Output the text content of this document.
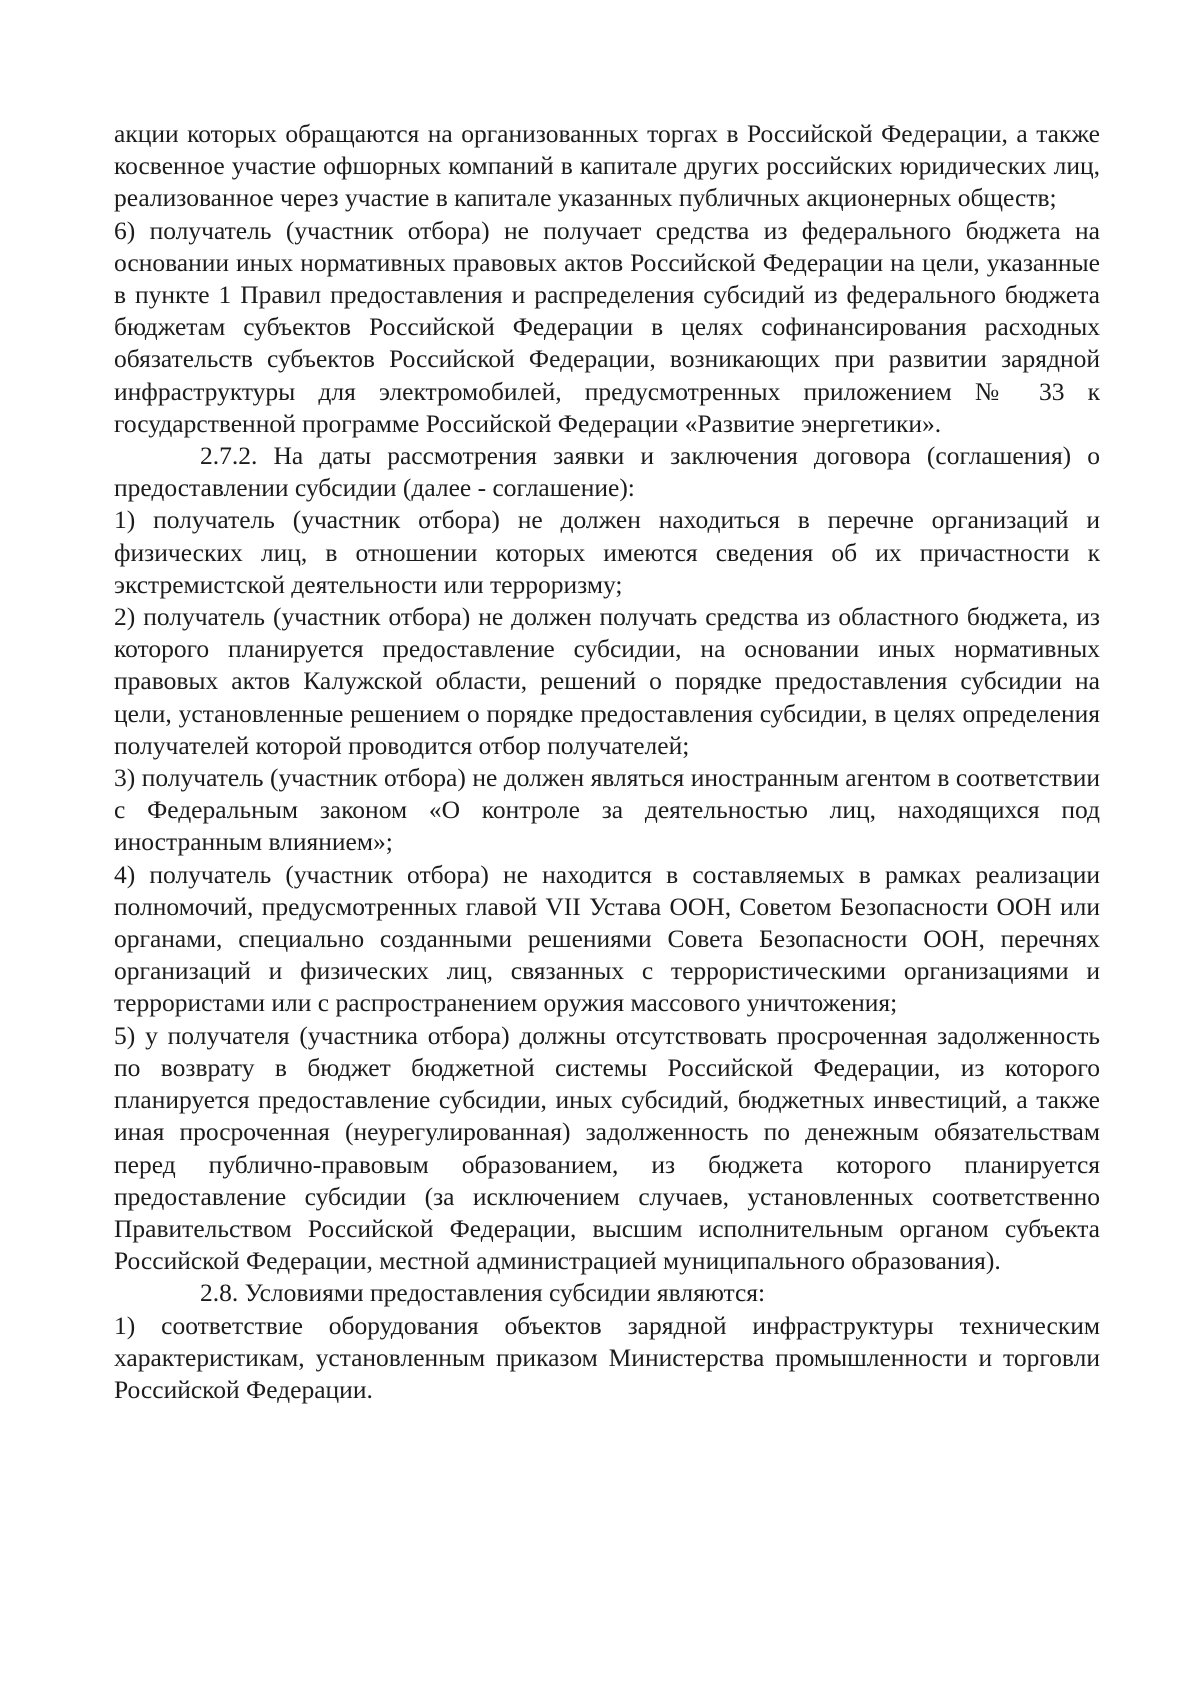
акции которых обращаются на организованных торгах в Российской Федерации, а также косвенное участие офшорных компаний в капитале других российских юридических лиц, реализованное через участие в капитале указанных публичных акционерных обществ;

6) получатель (участник отбора) не получает средства из федерального бюджета на основании иных нормативных правовых актов Российской Федерации на цели, указанные в пункте 1 Правил предоставления и распределения субсидий из федерального бюджета бюджетам субъектов Российской Федерации в целях софинансирования расходных обязательств субъектов Российской Федерации, возникающих при развитии зарядной инфраструктуры для электромобилей, предусмотренных приложением № 33 к государственной программе Российской Федерации «Развитие энергетики».

2.7.2. На даты рассмотрения заявки и заключения договора (соглашения) о предоставлении субсидии (далее - соглашение):

1) получатель (участник отбора) не должен находиться в перечне организаций и физических лиц, в отношении которых имеются сведения об их причастности к экстремистской деятельности или терроризму;

2) получатель (участник отбора) не должен получать средства из областного бюджета, из которого планируется предоставление субсидии, на основании иных нормативных правовых актов Калужской области, решений о порядке предоставления субсидии на цели, установленные решением о порядке предоставления субсидии, в целях определения получателей которой проводится отбор получателей;

3) получатель (участник отбора) не должен являться иностранным агентом в соответствии с Федеральным законом «О контроле за деятельностью лиц, находящихся под иностранным влиянием»;

4) получатель (участник отбора) не находится в составляемых в рамках реализации полномочий, предусмотренных главой VII Устава ООН, Советом Безопасности ООН или органами, специально созданными решениями Совета Безопасности ООН, перечнях организаций и физических лиц, связанных с террористическими организациями и террористами или с распространением оружия массового уничтожения;

5) у получателя (участника отбора) должны отсутствовать просроченная задолженность по возврату в бюджет бюджетной системы Российской Федерации, из которого планируется предоставление субсидии, иных субсидий, бюджетных инвестиций, а также иная просроченная (неурегулированная) задолженность по денежным обязательствам перед публично-правовым образованием, из бюджета которого планируется предоставление субсидии (за исключением случаев, установленных соответственно Правительством Российской Федерации, высшим исполнительным органом субъекта Российской Федерации, местной администрацией муниципального образования).

2.8. Условиями предоставления субсидии являются:

1) соответствие оборудования объектов зарядной инфраструктуры техническим характеристикам, установленным приказом Министерства промышленности и торговли Российской Федерации.
